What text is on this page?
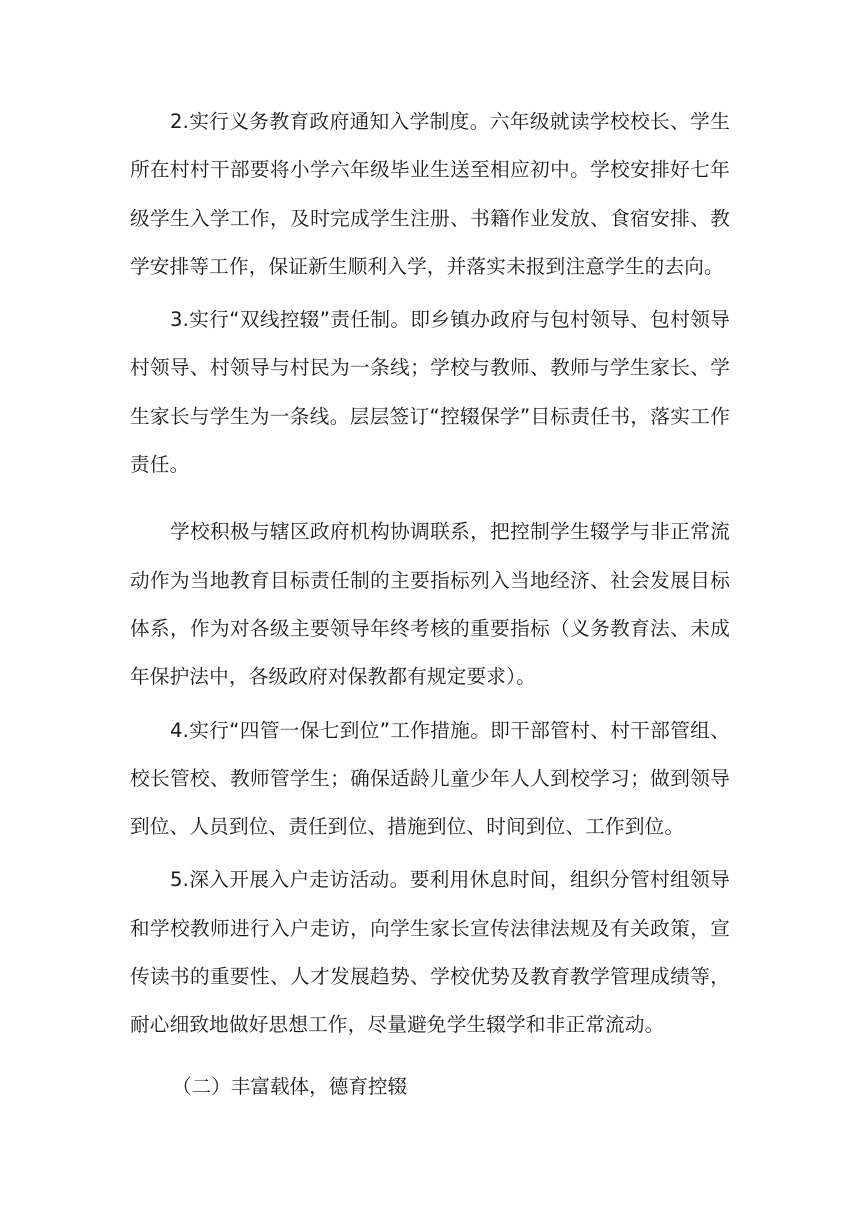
2.实行义务教育政府通知入学制度。六年级就读学校校长、学生所在村村干部要将小学六年级毕业生送至相应初中。学校安排好七年级学生入学工作，及时完成学生注册、书籍作业发放、食宿安排、教学安排等工作，保证新生顺利入学，并落实未报到注意学生的去向。

3.实行“双线控辍”责任制。即乡镇办政府与包村领导、包村领导村领导、村领导与村民为一条线；学校与教师、教师与学生家长、学生家长与学生为一条线。层层签订“控辍保学”目标责任书，落实工作责任。

学校积极与辖区政府机构协调联系，把控制学生辍学与非正常流动作为当地教育目标责任制的主要指标列入当地经济、社会发展目标体系，作为对各级主要领导年终考核的重要指标（义务教育法、未成年保护法中，各级政府对保教都有规定要求）。

4.实行“四管一保七到位”工作措施。即干部管村、村干部管组、校长管校、教师管学生；确保适龄儿童少年人人到校学习；做到领导到位、人员到位、责任到位、措施到位、时间到位、工作到位。

5.深入开展入户走访活动。要利用休息时间，组织分管村组领导和学校教师进行入户走访，向学生家长宣传法律法规及有关政策，宣传读书的重要性、人才发展趋势、学校优势及教育教学管理成绩等，耐心细致地做好思想工作，尽量避免学生辍学和非正常流动。

（二）丰富载体，德育控辍
